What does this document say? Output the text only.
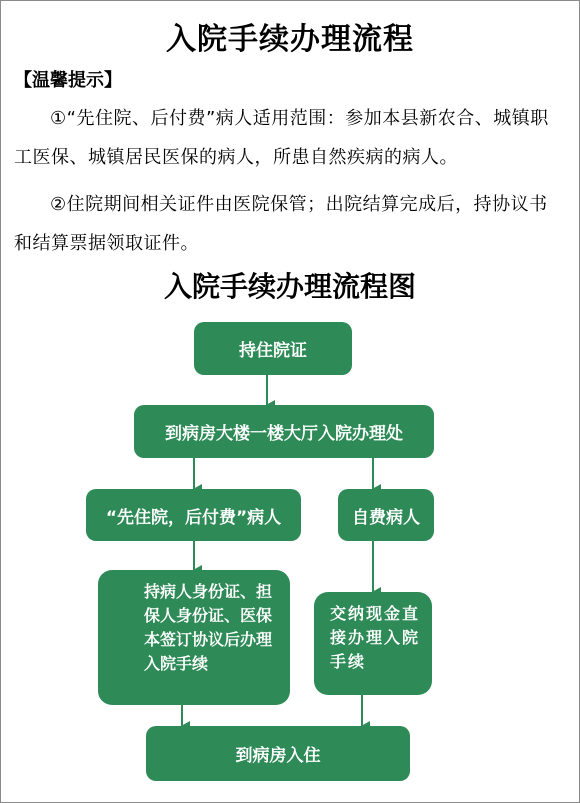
入院手续办理流程
【温馨提示】
①“先住院、后付费”病人适用范围：参加本县新农合、城镇职工医保、城镇居民医保的病人，所患自然疾病的病人。
②住院期间相关证件由医院保管；出院结算完成后，持协议书和结算票据领取证件。
入院手续办理流程图
持住院证
到病房大楼一楼大厅入院办理处
“先住院，后付费”病人	自费病人
持病人身份证、担保人身份证、医保本签订协议后办理入院手续
交纳现金直接办理入院手续
到病房入住
